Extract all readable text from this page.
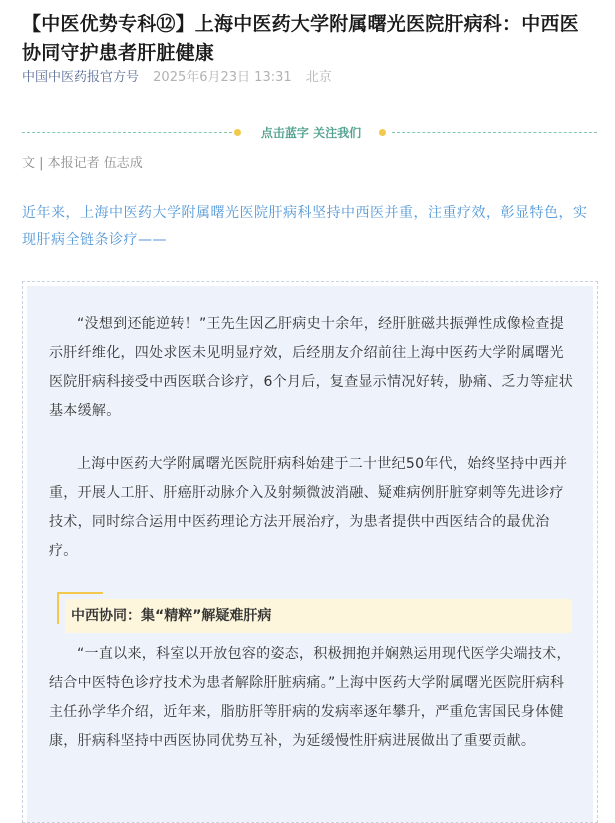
【中医优势专科⑫】上海中医药大学附属曙光医院肝病科：中西医协同守护患者肝脏健康
中国中医药报官方号 2025年6月23日 13:31 北京
点击蓝字 关注我们
文 | 本报记者 伍志成

近年来，上海中医药大学附属曙光医院肝病科坚持中西医并重，注重疗效，彰显特色，实现肝病全链条诊疗——

“没想到还能逆转！”王先生因乙肝病史十余年，经肝脏磁共振弹性成像检查提示肝纤维化，四处求医未见明显疗效，后经朋友介绍前往上海中医药大学附属曙光医院肝病科接受中西医联合诊疗，6个月后，复查显示情况好转，胁痛、乏力等症状基本缓解。

上海中医药大学附属曙光医院肝病科始建于二十世纪50年代，始终坚持中西并重，开展人工肝、肝癌肝动脉介入及射频微波消融、疑难病例肝脏穿刺等先进诊疗技术，同时综合运用中医药理论方法开展治疗，为患者提供中西医结合的最优治疗。

中西协同：集“精粹”解疑难肝病

“一直以来，科室以开放包容的姿态，积极拥抱并娴熟运用现代医学尖端技术，结合中医特色诊疗技术为患者解除肝脏病痛。”上海中医药大学附属曙光医院肝病科主任孙学华介绍，近年来，脂肪肝等肝病的发病率逐年攀升，严重危害国民身体健康，肝病科坚持中西医协同优势互补，为延缓慢性肝病进展做出了重要贡献。
